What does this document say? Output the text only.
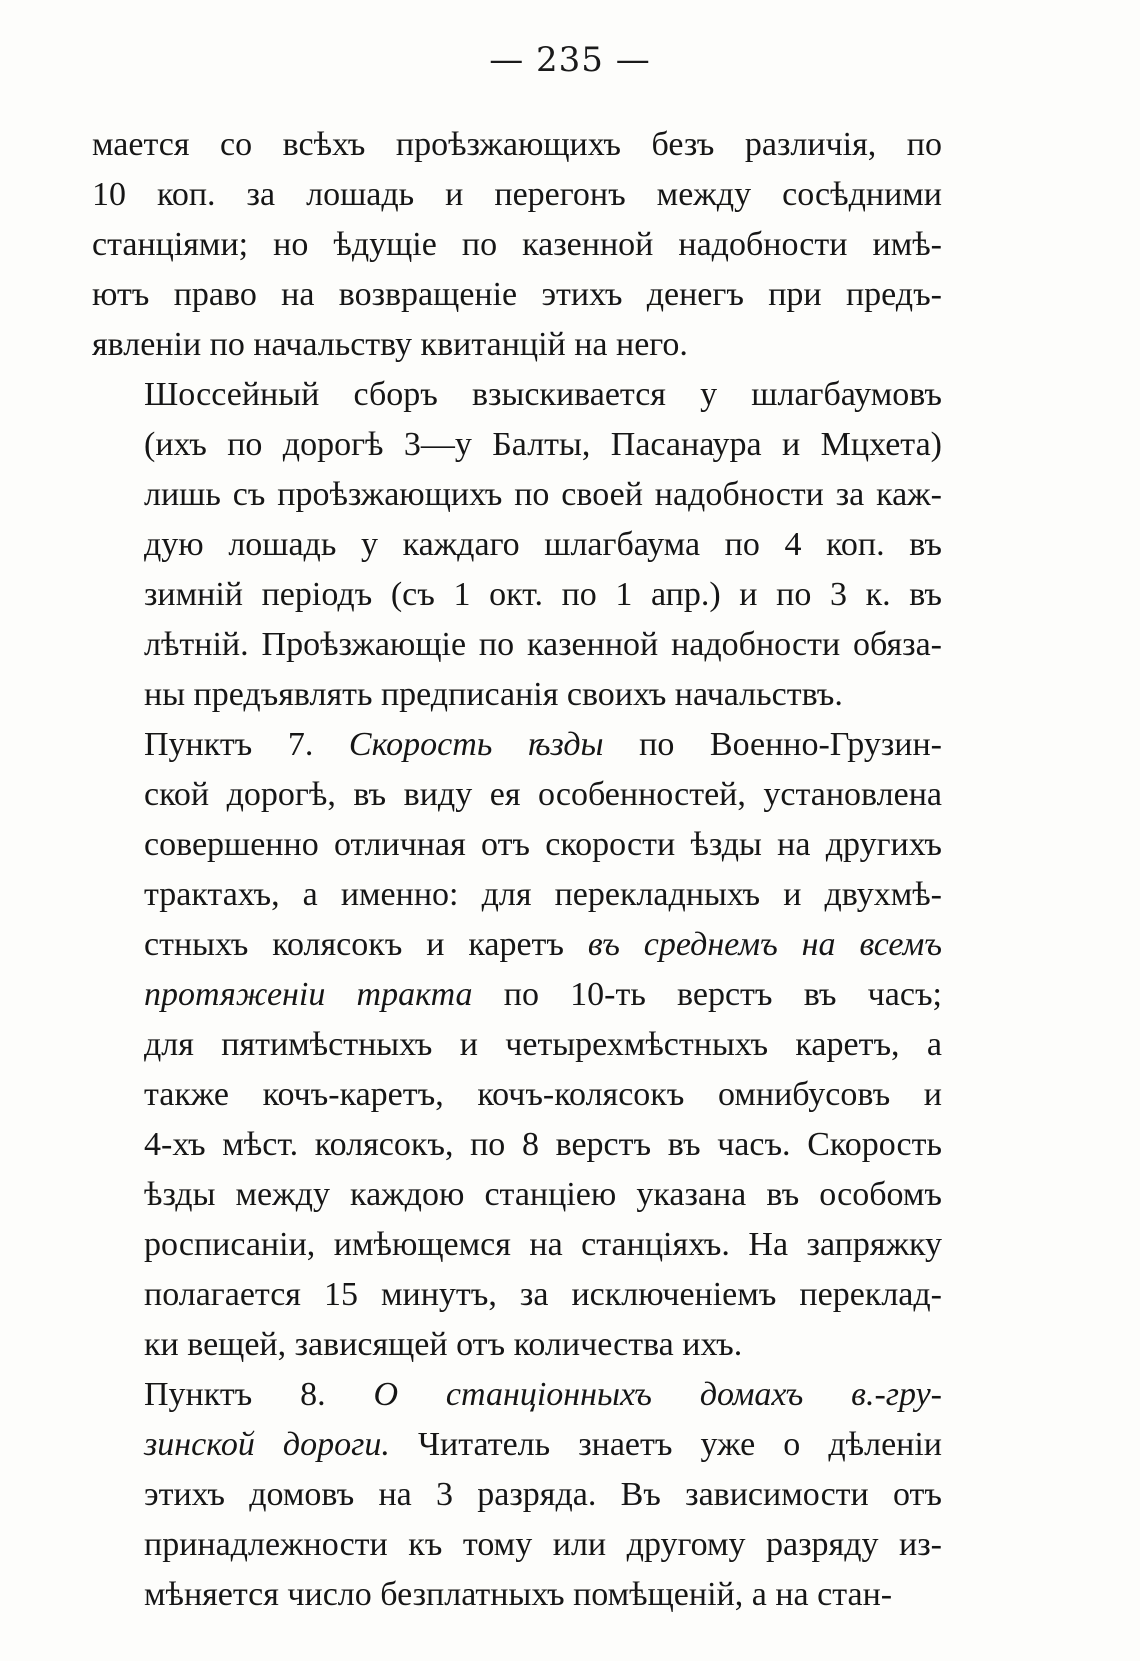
— 235 —
мается со всѣхъ проѣзжающихъ безъ различія, по
10 коп. за лошадь и перегонъ между сосѣдними
станціями; но ѣдущіе по казенной надобности имѣ-
ютъ право на возвращеніе этихъ денегъ при предъ-
явленіи по начальству квитанцій на него.
Шоссейный сборъ взыскивается у шлагбаумовъ
(ихъ по дорогѣ 3—у Балты, Пасанаура и Мцхета)
лишь съ проѣзжающихъ по своей надобности за каж-
дую лошадь у каждаго шлагбаума по 4 коп. въ
зимній періодъ (съ 1 окт. по 1 апр.) и по 3 к. въ
лѣтній. Проѣзжающіе по казенной надобности обяза-
ны предъявлять предписанія своихъ начальствъ.
Пунктъ 7. Скорость ѣзды по Военно-Грузин-
ской дорогѣ, въ виду ея особенностей, установлена
совершенно отличная отъ скорости ѣзды на другихъ
трактахъ, а именно: для перекладныхъ и двухмѣ-
стныхъ колясокъ и каретъ въ среднемъ на всемъ
протяженіи тракта по 10-ть верстъ въ часъ;
для пятимѣстныхъ и четырехмѣстныхъ каретъ, а
также кочъ-каретъ, кочъ-колясокъ омнибусовъ и
4-хъ мѣст. колясокъ, по 8 верстъ въ часъ. Скорость
ѣзды между каждою станціею указана въ особомъ
росписаніи, имѣющемся на станціяхъ. На запряжку
полагается 15 минутъ, за исключеніемъ переклад-
ки вещей, зависящей отъ количества ихъ.
Пунктъ 8. О станціонныхъ домахъ в.-гру-
зинской дороги. Читатель знаетъ уже о дѣленіи
этихъ домовъ на 3 разряда. Въ зависимости отъ
принадлежности къ тому или другому разряду из-
мѣняется число безплатныхъ помѣщеній, а на стан-
